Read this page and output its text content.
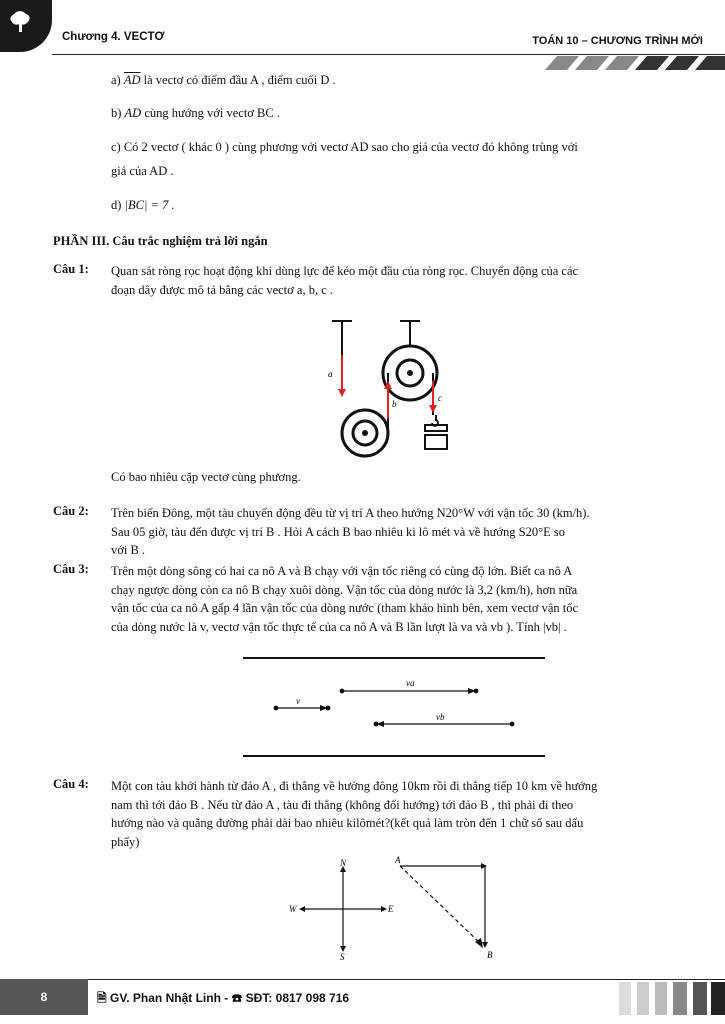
Chương 4. VECTƠ	TOÁN 10 – CHƯƠNG TRÌNH MỚI
a) $\overline{AD}$ là vectơ có điểm đầu A , điểm cuối D .
b) AD cùng hướng với vectơ BC .
c) Có 2 vectơ ( khác 0 ) cùng phương với vectơ AD sao cho giá của vectơ đó không trùng với
giá của AD .
d) |BC| = 7 .
PHẦN III. Câu trắc nghiệm trả lời ngắn
Câu 1: Quan sát ròng rọc hoạt động khi dùng lực để kéo một đầu của ròng rọc. Chuyển động của các
đoạn dây được mô tả bằng các vectơ a, b, c .
a
b
c
Có bao nhiêu cặp vectơ cùng phương.
Câu 2: Trên biển Đông, một tàu chuyển động đều từ vị trí A theo hướng N20°W với vận tốc 30 (km/h).
Sau 05 giờ, tàu đến được vị trí B . Hỏi A cách B bao nhiêu ki lô mét và về hướng S20°E so
với B .
Câu 3: Trên một dòng sông có hai ca nô A và B chạy với vận tốc riêng có cùng độ lớn. Biết ca nô A
chạy ngược dòng còn ca nô B chạy xuôi dòng. Vận tốc của dòng nước là 3,2 (km/h), hơn nữa
vận tốc của ca nô A gấp 4 lần vận tốc của dòng nước (tham khảo hình bên, xem vectơ vận tốc
của dòng nước là v, vectơ vận tốc thực tế của ca nô A và B lần lượt là va và vb ). Tính |vb| .
v
va
vb
Câu 4: Một con tàu khởi hành từ đảo A , đi thẳng về hướng đông 10km rồi đi thẳng tiếp 10 km về hướng
nam thì tới đảo B . Nếu từ đảo A , tàu đi thẳng (không đổi hướng) tới đảo B , thì phải đi theo
hướng nào và quãng đường phải dài bao nhiêu kilômét?(kết quả làm tròn đến 1 chữ số sau dấu
phẩy)
N
S
W	E
A
B
8	🗎 GV. Phan Nhật Linh - ☎ SĐT: 0817 098 716
